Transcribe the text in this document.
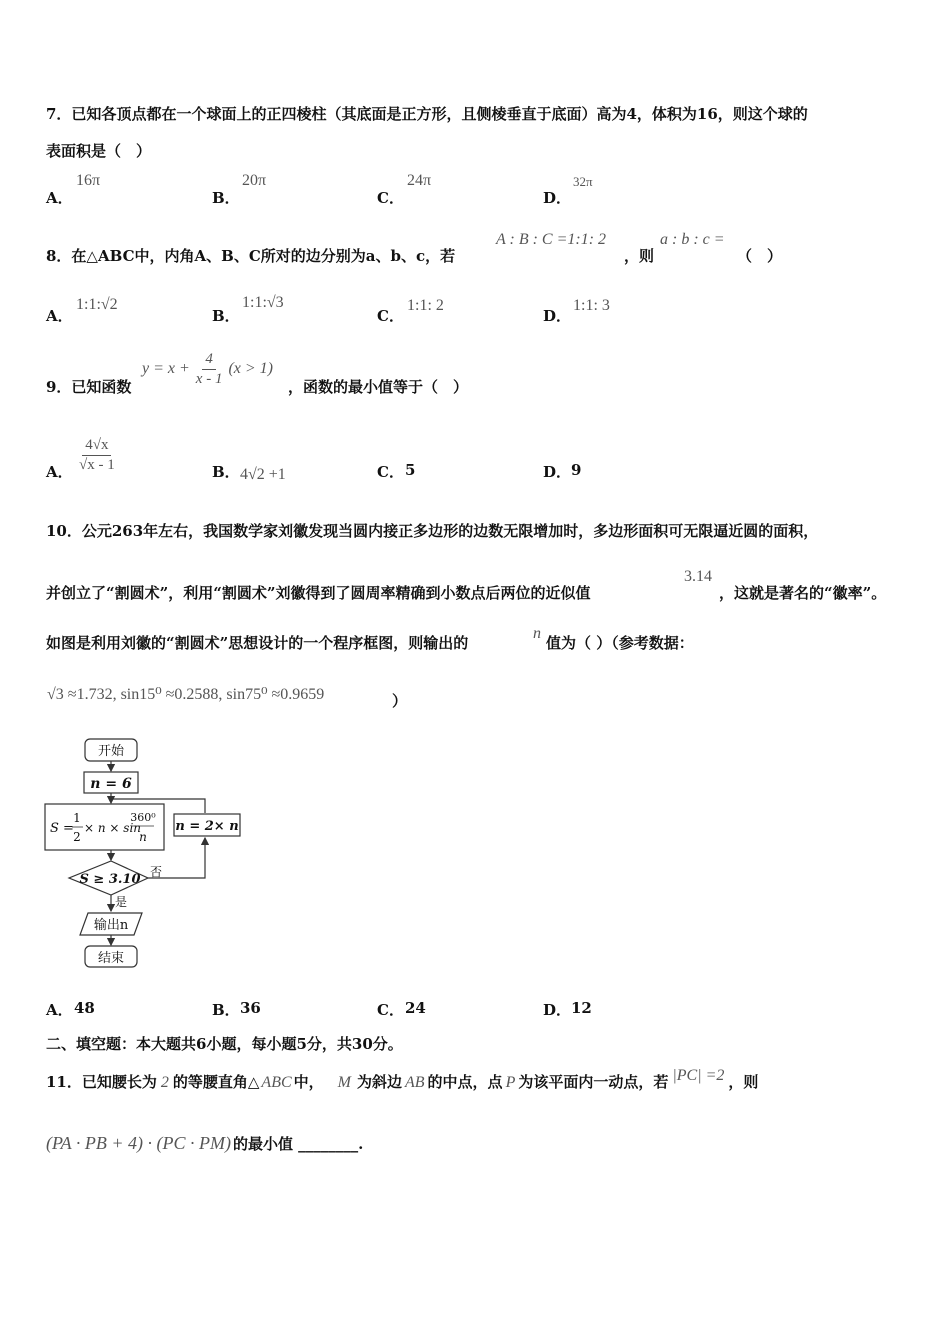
7．已知各顶点都在一个球面上的正四棱柱（其底面是正方形，且侧棱垂直于底面）高为4，体积为16，则这个球的
表面积是（　）
A．
16π
B．
20π
C．
24π
D．
32π
8．在△ABC中，内角A、B、C所对的边分别为a、b、c，若
A : B : C =1:1: 2
，则
a : b : c =
（　）
A．
1:1:√2
B．
1:1:√3
C．
1:1: 2
D．
1:1: 3
9．已知函数
$y = x + \frac{4}{x - 1} (x > 1)$
，函数的最小值等于（　）
A． $\frac{4√x}{√x - 1}$	B． 4√2 +1	C． 5	D． 9
10．公元263年左右，我国数学家刘徽发现当圆内接正多边形的边数无限增加时，多边形面积可无限逼近圆的面积，
并创立了“割圆术”，利用“割圆术”刘徽得到了圆周率精确到小数点后两位的近似值
3.14
，这就是著名的“徽率”。
如图是利用刘徽的“割圆术”思想设计的一个程序框图，则输出的
n
值为（ ）（参考数据：
√3 ≈1.732, sin15⁰ ≈0.2588, sin75⁰ ≈0.9659	）
开始
n = 6
S =
1
2
× n × sin
360⁰
n
n = 2× n
S ≥ 3.10 否
是
输出n
结束
A． 48	B． 36	C． 24	D． 12
二、填空题：本大题共6小题，每小题5分，共30分。
11．已知腰长为 2 的等腰直角△ ABC 中， M 为斜边 AB 的中点，点 P 为该平面内一动点，若 |PC| =2 ，则
(PA · PB + 4) · (PC · PM) 的最小值 ________.
